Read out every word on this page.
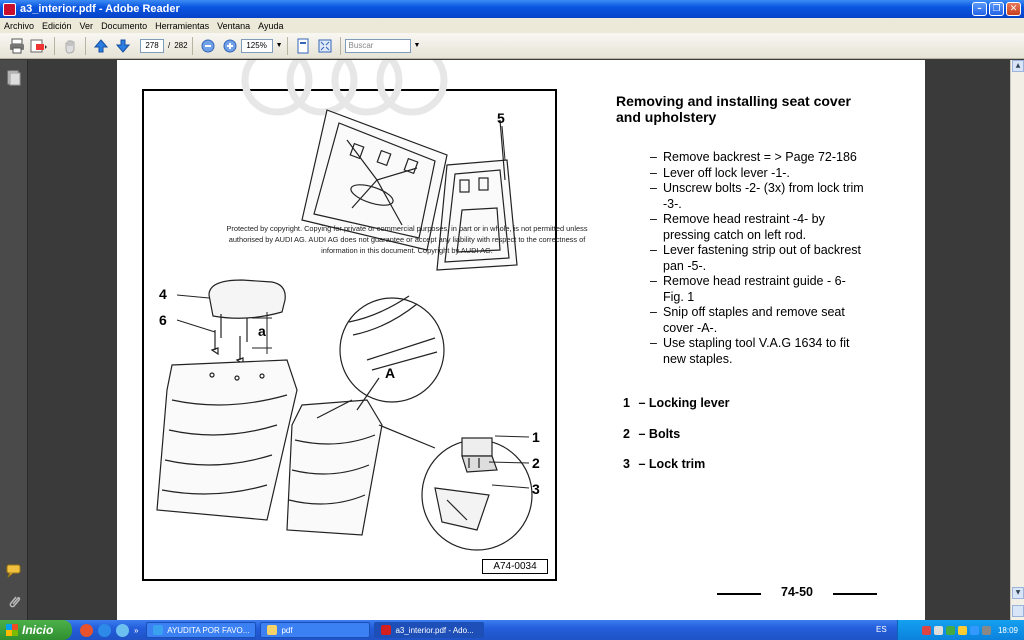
a3_interior.pdf - Adobe Reader	–	❐	✕
Archivo Edición Ver Documento Herramientas Ventana Ayuda
278	/ 282	125%	▼	Buscar	▼
▲
▼
5
4
6
a
A
1
2
3
Protected by copyright. Copying for private or commercial purposes, in part or in whole, is not permitted unless authorised by AUDI AG. AUDI AG does not guarantee or accept any liability with respect to the correctness of information in this document. Copyright by AUDI AG.
A74-0034
Removing and installing seat cover and upholstery
– Remove backrest = > Page 72-186
– Lever off lock lever -1-.
– Unscrew bolts -2- (3x) from lock trim -3-.
– Remove head restraint -4- by pressing catch on left rod.
– Lever fastening strip out of backrest pan -5-.
– Remove head restraint guide - 6- Fig. 1
– Snip off staples and remove seat cover -A-.
– Use stapling tool V.A.G 1634 to fit new staples.
1 – Locking lever
2 – Bolts
3 – Lock trim
74-50
Inicio	»	AYUDITA POR FAVO...	pdf	a3_interior.pdf - Ado...	ES	18:09
